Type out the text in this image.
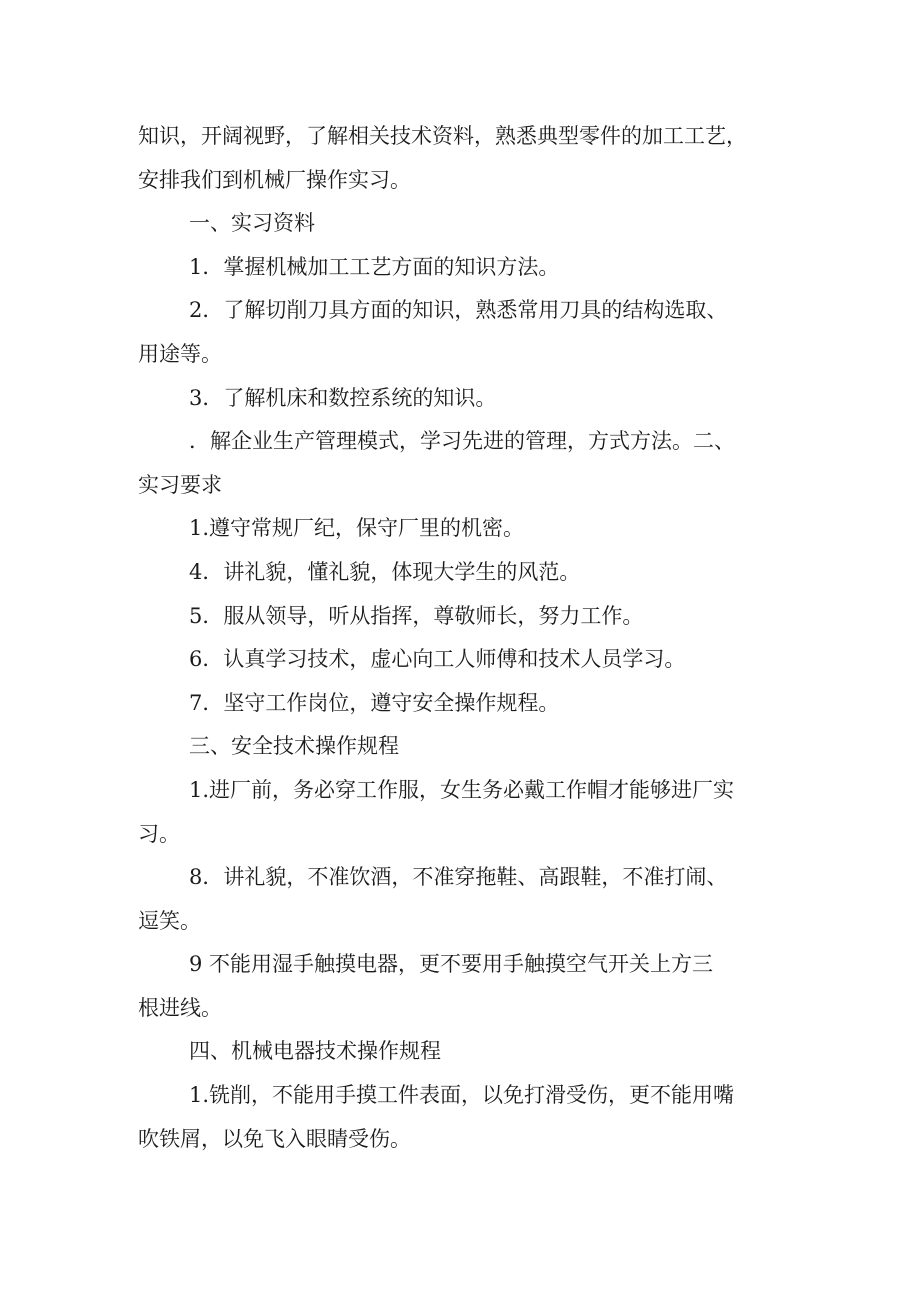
知识，开阔视野，了解相关技术资料，熟悉典型零件的加工工艺，
安排我们到机械厂操作实习。
一、实习资料
1．掌握机械加工工艺方面的知识方法。
2．了解切削刀具方面的知识，熟悉常用刀具的结构选取、
用途等。
3．了解机床和数控系统的知识。
．解企业生产管理模式，学习先进的管理，方式方法。二、
实习要求
1.遵守常规厂纪，保守厂里的机密。
4．讲礼貌，懂礼貌，体现大学生的风范。
5．服从领导，听从指挥，尊敬师长，努力工作。
6．认真学习技术，虚心向工人师傅和技术人员学习。
7．坚守工作岗位，遵守安全操作规程。
三、安全技术操作规程
1.进厂前，务必穿工作服，女生务必戴工作帽才能够进厂实
习。
8．讲礼貌，不准饮酒，不准穿拖鞋、高跟鞋，不准打闹、
逗笑。
9 不能用湿手触摸电器，更不要用手触摸空气开关上方三
根进线。
四、机械电器技术操作规程
1.铣削，不能用手摸工件表面，以免打滑受伤，更不能用嘴
吹铁屑，以免飞入眼睛受伤。
